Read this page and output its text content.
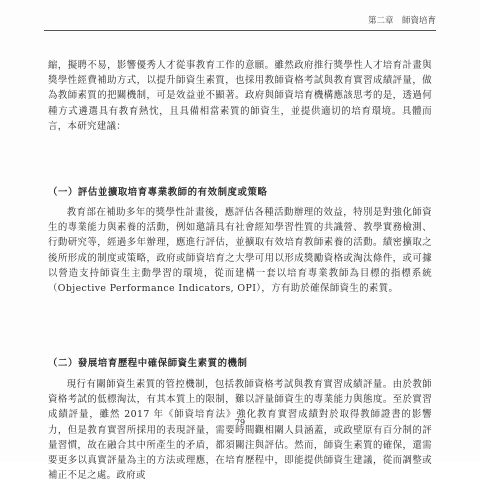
第二章　師資培育

縮，擬聘不易，影響優秀人才從事教育工作的意願。雖然政府推行獎學性人才培育計畫與獎學性經費補助方式，以提升師資生素質，也採用教師資格考試與教育實習成績評量，做為教師素質的把關機制，可是效益並不顯著。政府與師資培育機構應該思考的是，透過何種方式遴選具有教育熱忱，且具備相當素質的師資生，並提供適切的培育環境。具體而言，本研究建議：

（一）評估並擴取培育專業教師的有效制度或策略

教育部在補助多年的獎學性計畫後，應評估各種活動辦理的效益，特別是對強化師資生的專業能力與素養的活動，例如邀請具有社會經知學習性質的共識營、教學實務檢測、行動研究等，經過多年辦理，應進行評估，並擴取有效培育教師素養的活動。績密擴取之後所形成的制度或策略，政府或師資培育之大學可用以形成獎勵資格或淘汰條件，或可據以營造支持師資生主動學習的環境，從而建構一套以培育專業教師為目標的指標系統（Objective Performance Indicators, OPI），方有助於確保師資生的素質。

（二）發展培育歷程中確保師資生素質的機制

現行有關師資生素質的管控機制，包括教師資格考試與教育實習成績評量。由於教師資格考試的低標淘汰，有其本質上的限制，難以評量師資生的專業能力與態度。至於實習成績評量，雖然 2017 年《師資培育法》強化教育實習成績對於取得教師證書的影響力，但是教育實習所採用的表現評量，需要時間觀相關人員涵蓋，或政壁原有百分制的評量習慣，故在融合其中所產生的矛盾，都須關注與評估。然而，師資生素質的確保，還需要更多以真實評量為主的方法或理應，在培育歷程中，即能提供師資生建議，從而調整或補正不足之處。政府或

79
